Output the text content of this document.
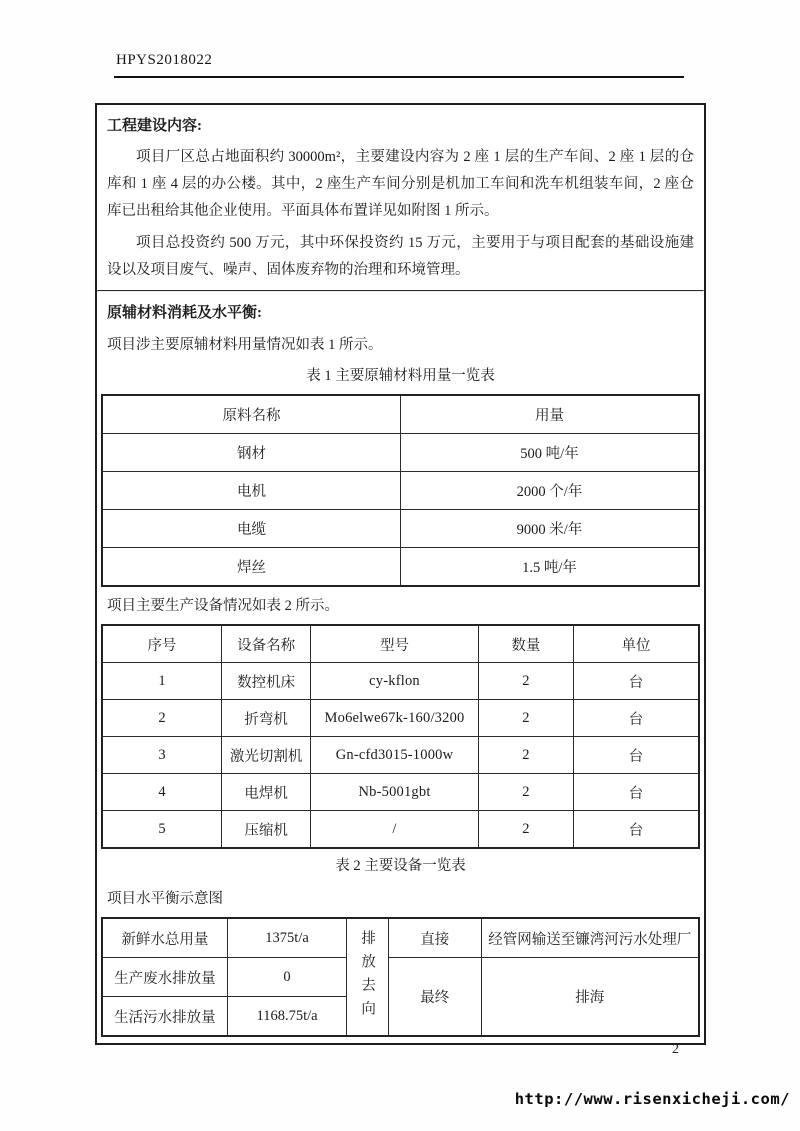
HPYS2018022
工程建设内容:
项目厂区总占地面积约 30000m²，主要建设内容为 2 座 1 层的生产车间、2 座 1 层的仓库和 1 座 4 层的办公楼。其中，2 座生产车间分别是机加工车间和洗车机组装车间，2 座仓库已出租给其他企业使用。平面具体布置详见如附图 1 所示。
项目总投资约 500 万元，其中环保投资约 15 万元，主要用于与项目配套的基础设施建设以及项目废气、噪声、固体废弃物的治理和环境管理。
原辅材料消耗及水平衡:
项目涉主要原辅材料用量情况如表 1 所示。
表 1 主要原辅材料用量一览表
原料名称	用量
钢材	500 吨/年
电机	2000 个/年
电缆	9000 米/年
焊丝	1.5 吨/年
项目主要生产设备情况如表 2 所示。
序号	设备名称	型号	数量	单位
1	数控机床	cy-kflon	2	台
2	折弯机	Mo6elwe67k-160/3200	2	台
3	激光切割机	Gn-cfd3015-1000w	2	台
4	电焊机	Nb-5001gbt	2	台
5	压缩机	/	2	台
表 2 主要设备一览表
项目水平衡示意图
新鲜水总用量	1375t/a	排放去向	直接	经管网输送至镰湾河污水处理厂
生产废水排放量	0		最终	排海
生活污水排放量	1168.75t/a			
2
http://www.risenxicheji.com/
